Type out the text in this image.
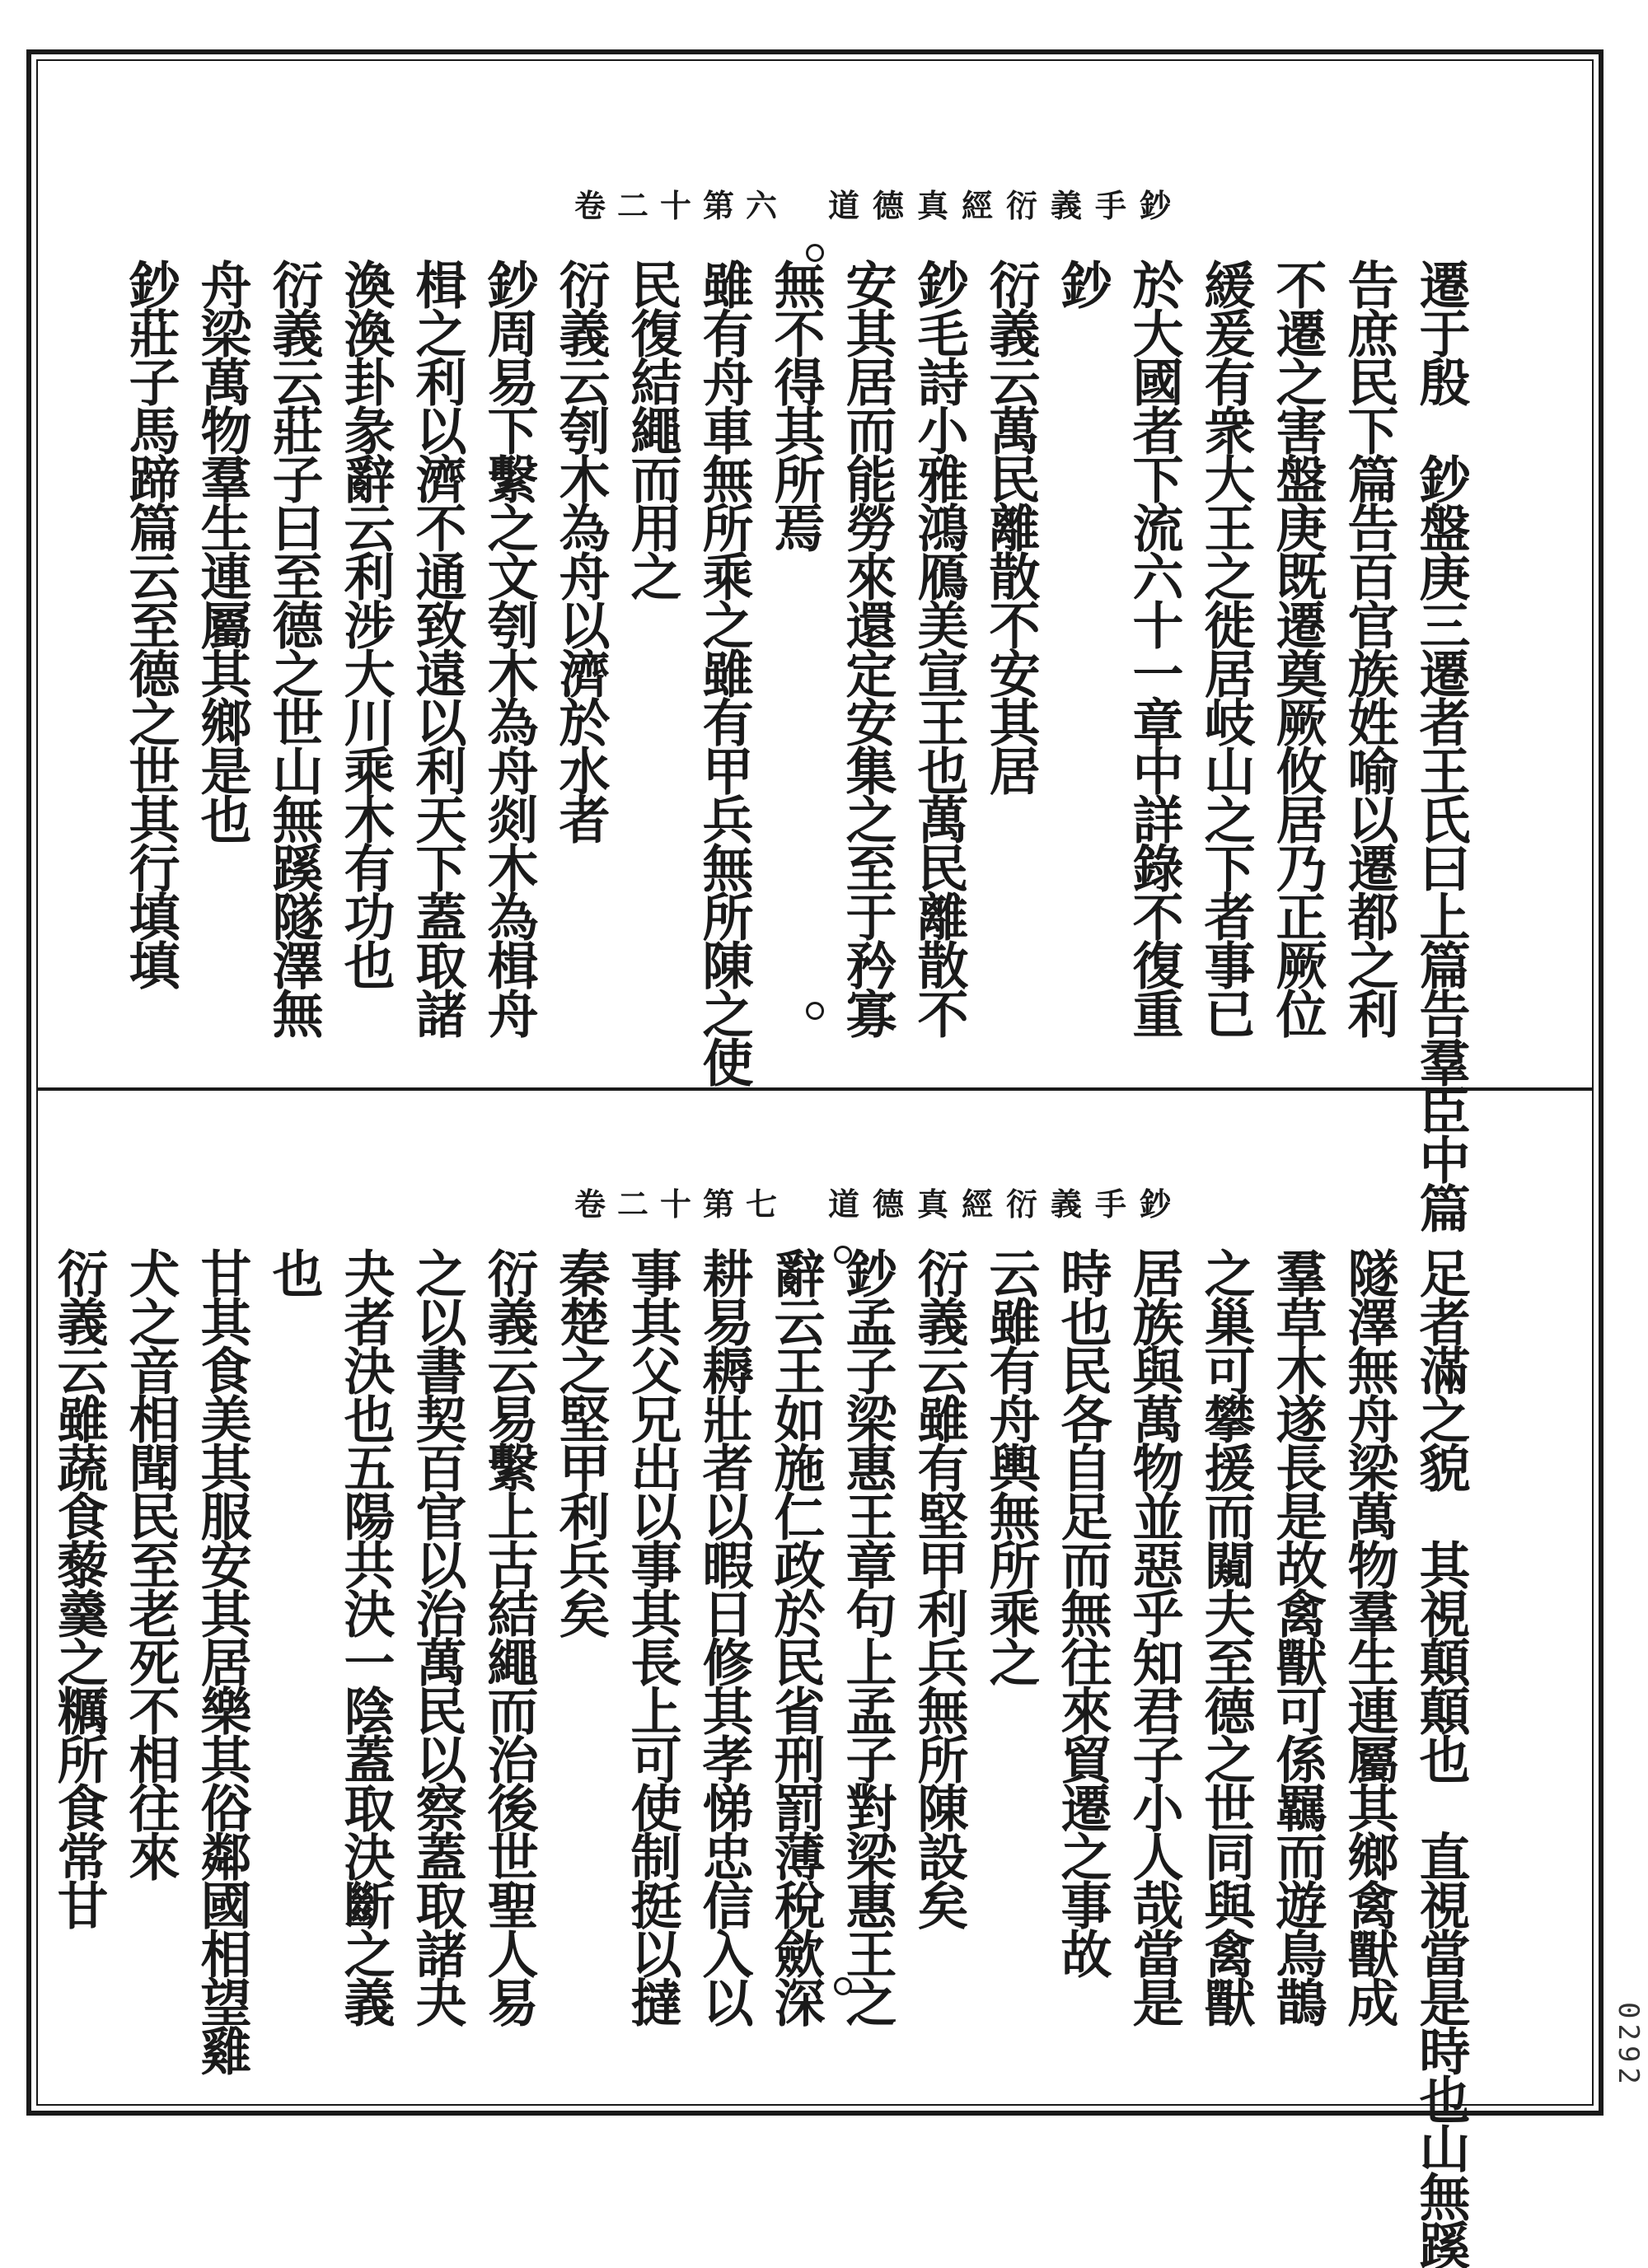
卷二十第六 道德真經衍義手鈔
遷于殷　鈔盤庚三遷者王氏曰上篇告羣臣中篇
告庶民下篇告百官族姓喻以遷都之利
不遷之害盤庚既遷奠厥攸居乃正厥位
緩爰有衆大王之徙居岐山之下者事已
於大國者下流六十一章中詳錄不復重
鈔
衍義云萬民離散不安其居
鈔毛詩小雅鴻鴈美宣王也萬民離散不
安其居而能勞來還定安集之至于矜寡
無不得其所焉
雖有舟車無所乘之雖有甲兵無所陳之使
民復結繩而用之
衍義云刳木為舟以濟於水者
鈔周易下繫之文刳木為舟剡木為楫舟
楫之利以濟不通致遠以利天下蓋取諸
渙渙卦彖辭云利涉大川乘木有功也
衍義云莊子曰至德之世山無蹊隧澤無
舟梁萬物羣生連屬其鄉是也
鈔莊子馬蹄篇云至德之世其行填填
卷二十第七 道德真經衍義手鈔
足者滿之貌　其視顛顛也　直視當是時也山無蹊
隧澤無舟梁萬物羣生連屬其鄉禽獸成
羣草木遂長是故禽獸可係羈而遊鳥鵲
之巢可攀援而闚夫至德之世同與禽獸
居族與萬物並惡乎知君子小人哉當是
時也民各自足而無往來貿遷之事故
云雖有舟輿無所乘之
衍義云雖有堅甲利兵無所陳設矣
鈔孟子梁惠王章句上孟子對梁惠王之
辭云王如施仁政於民省刑罰薄稅歛深
耕易耨壯者以暇日修其孝悌忠信入以
事其父兄出以事其長上可使制挺以撻
秦楚之堅甲利兵矣
衍義云易繫上古結繩而治後世聖人易
之以書契百官以治萬民以察蓋取諸夬
夬者決也五陽共決一陰蓋取決斷之義
也
甘其食美其服安其居樂其俗鄰國相望雞
犬之音相聞民至老死不相往來
衍義云雖蔬食藜羹之糲所食常甘
0292
